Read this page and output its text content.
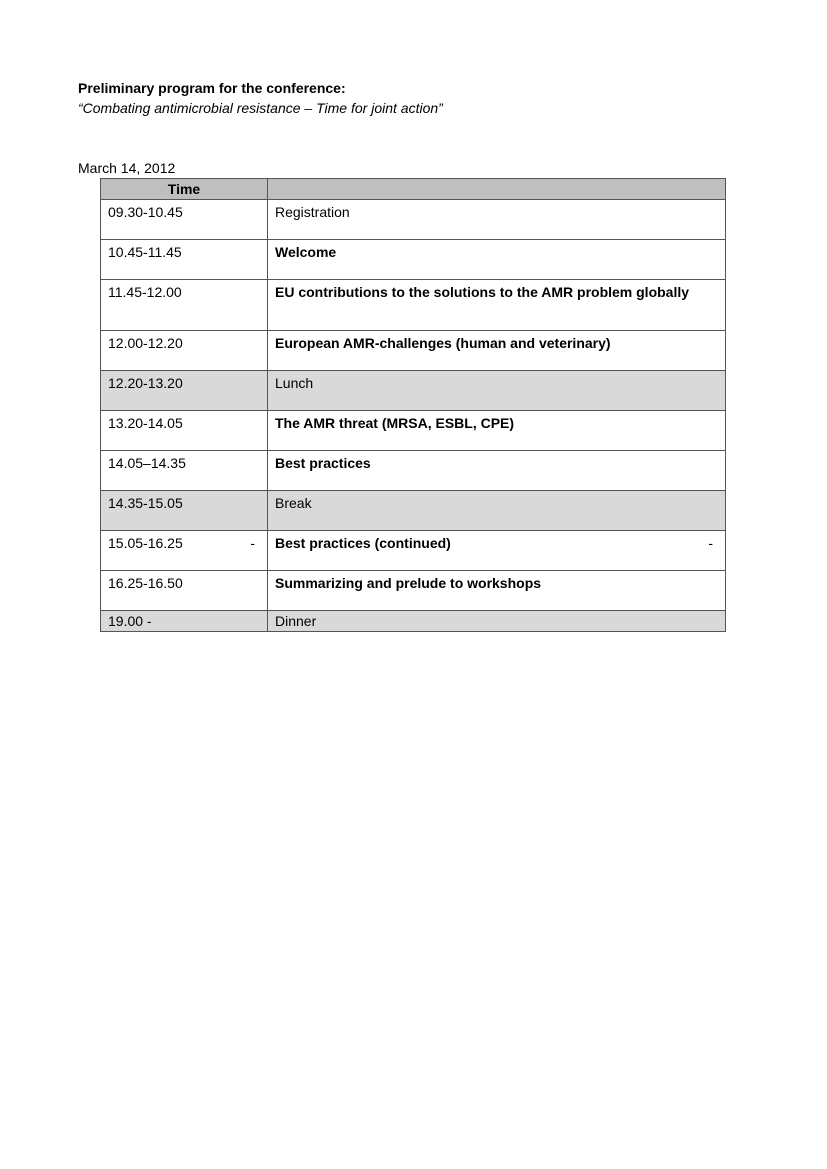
Preliminary program for the conference:

“Combating antimicrobial resistance – Time for joint action”

March 14, 2012
Time	
09.30-10.45	Registration
10.45-11.45	Welcome
11.45-12.00	EU contributions to the solutions to the AMR problem globally
12.00-12.20	European AMR-challenges (human and veterinary)
12.20-13.20	Lunch
13.20-14.05	The AMR threat (MRSA, ESBL, CPE)
14.05–14.35	Best practices
14.35-15.05	Break
15.05-16.25 -	Best practices (continued) -

16.25-16.50	Summarizing and prelude to workshops
19.00 -	Dinner
